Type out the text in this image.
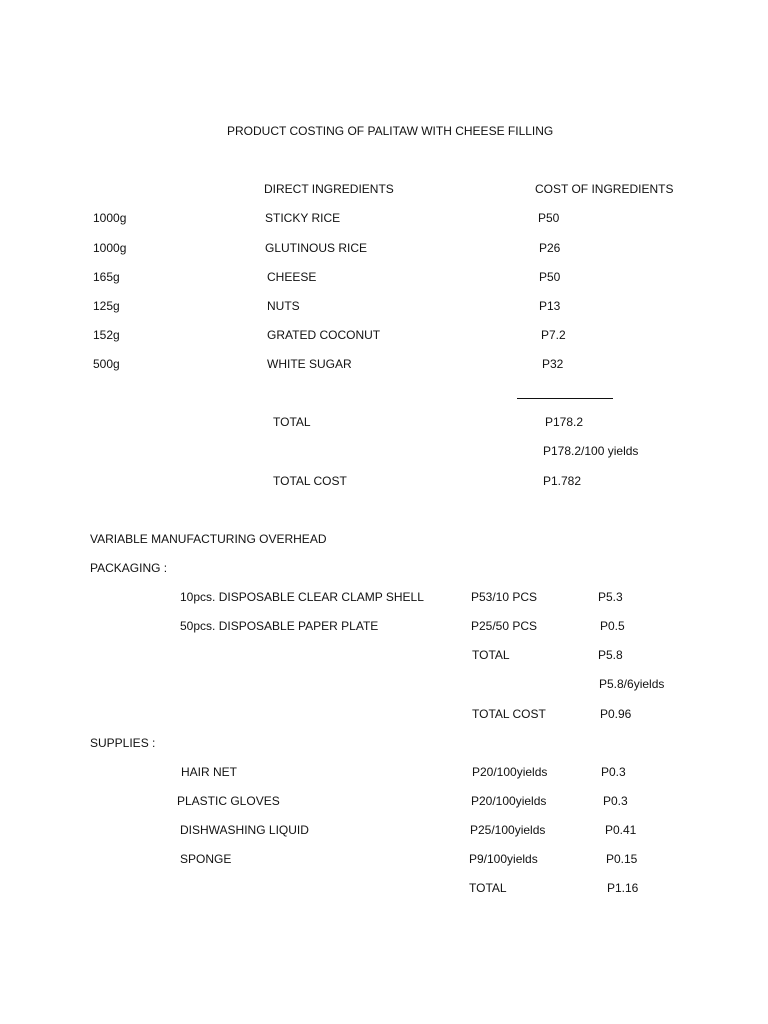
PRODUCT COSTING OF PALITAW WITH CHEESE FILLING
DIRECT INGREDIENTS	COST OF INGREDIENTS
1000g	STICKY RICE	P50
1000g	GLUTINOUS RICE	P26
165g	CHEESE	P50
125g	NUTS	P13
152g	GRATED COCONUT	P7.2
500g	WHITE SUGAR	P32
TOTAL	P178.2
P178.2/100 yields
TOTAL COST	P1.782
VARIABLE MANUFACTURING OVERHEAD
PACKAGING :
10pcs. DISPOSABLE CLEAR CLAMP SHELL	P53/10 PCS	P5.3
50pcs. DISPOSABLE PAPER PLATE	P25/50 PCS	P0.5
TOTAL	P5.8
P5.8/6yields
TOTAL COST	P0.96
SUPPLIES :
HAIR NET	P20/100yields	P0.3
PLASTIC GLOVES	P20/100yields	P0.3
DISHWASHING LIQUID	P25/100yields	P0.41
SPONGE	P9/100yields	P0.15
TOTAL	P1.16
